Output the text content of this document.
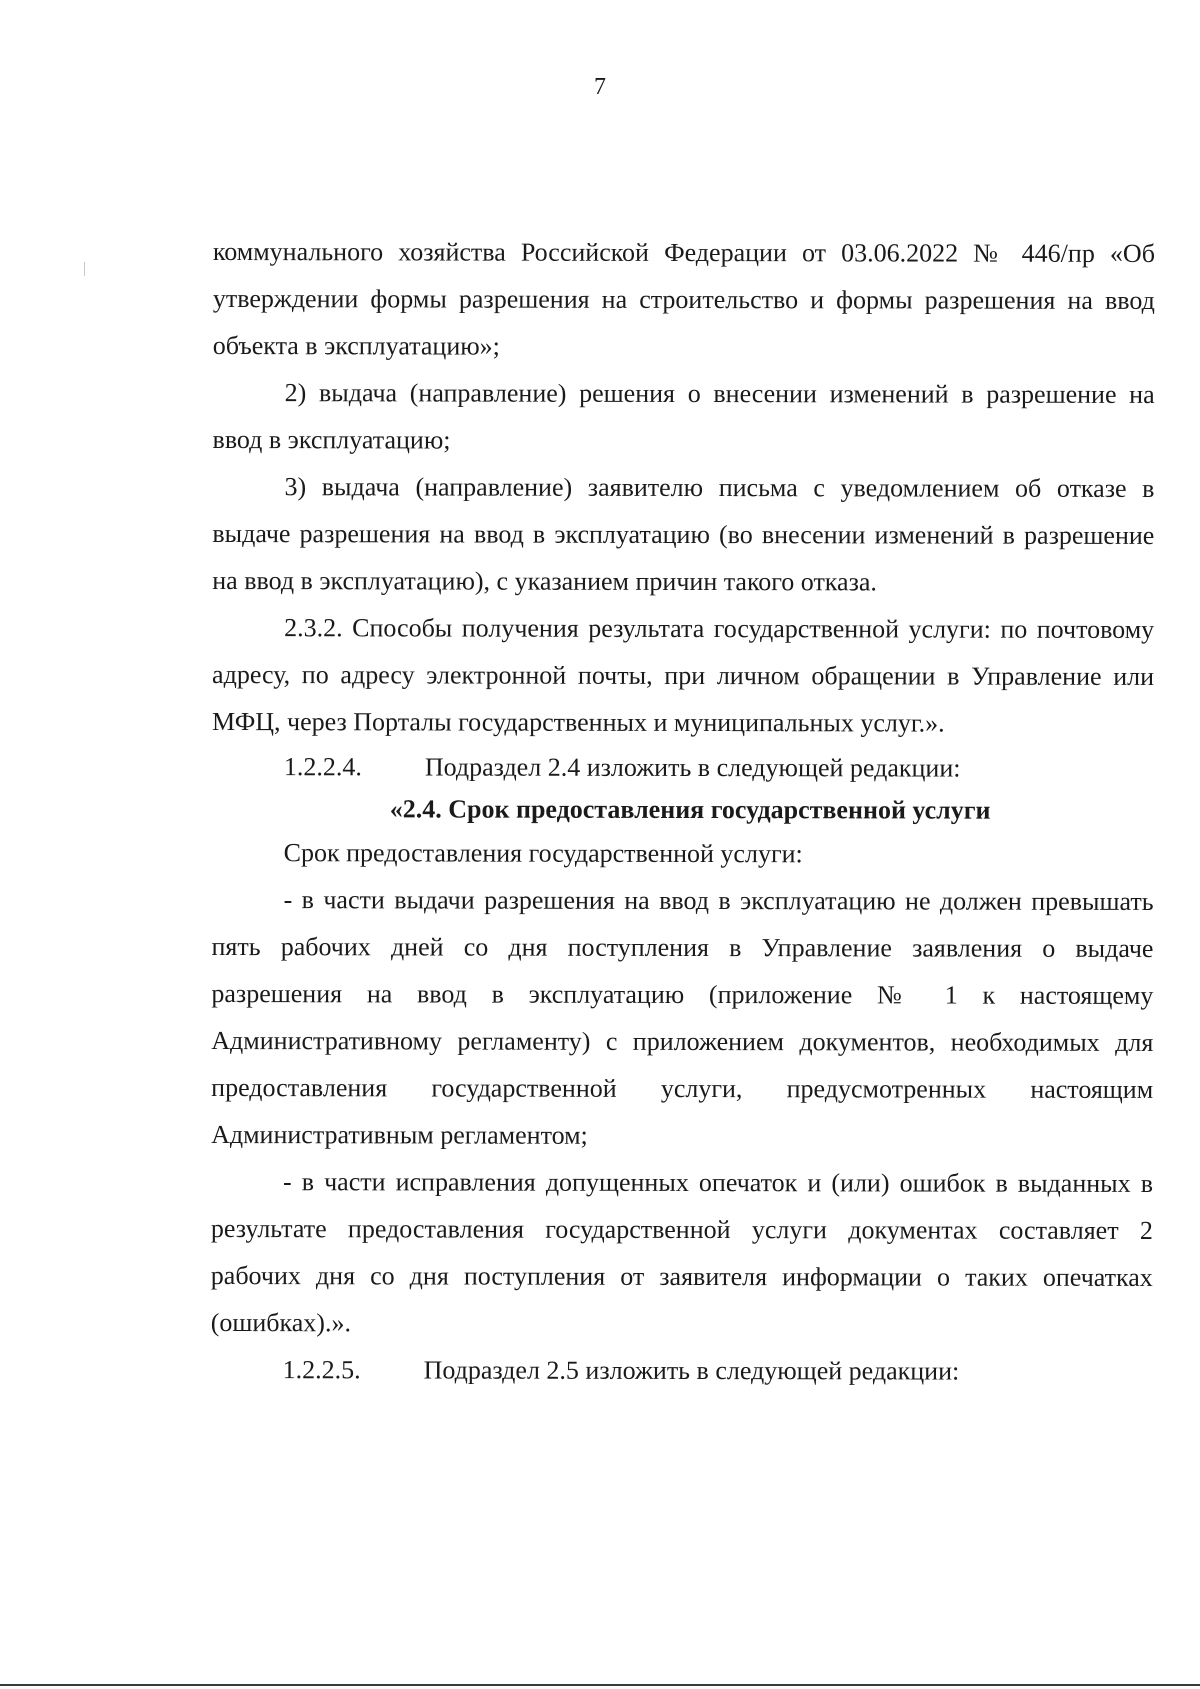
7

коммунального хозяйства Российской Федерации от 03.06.2022 № 446/пр «Об утверждении формы разрешения на строительство и формы разрешения на ввод объекта в эксплуатацию»;

2) выдача (направление) решения о внесении изменений в разрешение на ввод в эксплуатацию;

3) выдача (направление) заявителю письма с уведомлением об отказе в выдаче разрешения на ввод в эксплуатацию (во внесении изменений в разрешение на ввод в эксплуатацию), с указанием причин такого отказа.

2.3.2. Способы получения результата государственной услуги: по почтовому адресу, по адресу электронной почты, при личном обращении в Управление или МФЦ, через Порталы государственных и муниципальных услуг.».

1.2.2.4.	Подраздел 2.4 изложить в следующей редакции:

«2.4. Срок предоставления государственной услуги

Срок предоставления государственной услуги:

- в части выдачи разрешения на ввод в эксплуатацию не должен превышать пять рабочих дней со дня поступления в Управление заявления о выдаче разрешения на ввод в эксплуатацию (приложение № 1 к настоящему Административному регламенту) с приложением документов, необходимых для предоставления государственной услуги, предусмотренных настоящим Административным регламентом;

- в части исправления допущенных опечаток и (или) ошибок в выданных в результате предоставления государственной услуги документах составляет 2 рабочих дня со дня поступления от заявителя информации о таких опечатках (ошибках).».

1.2.2.5.	Подраздел 2.5 изложить в следующей редакции:
